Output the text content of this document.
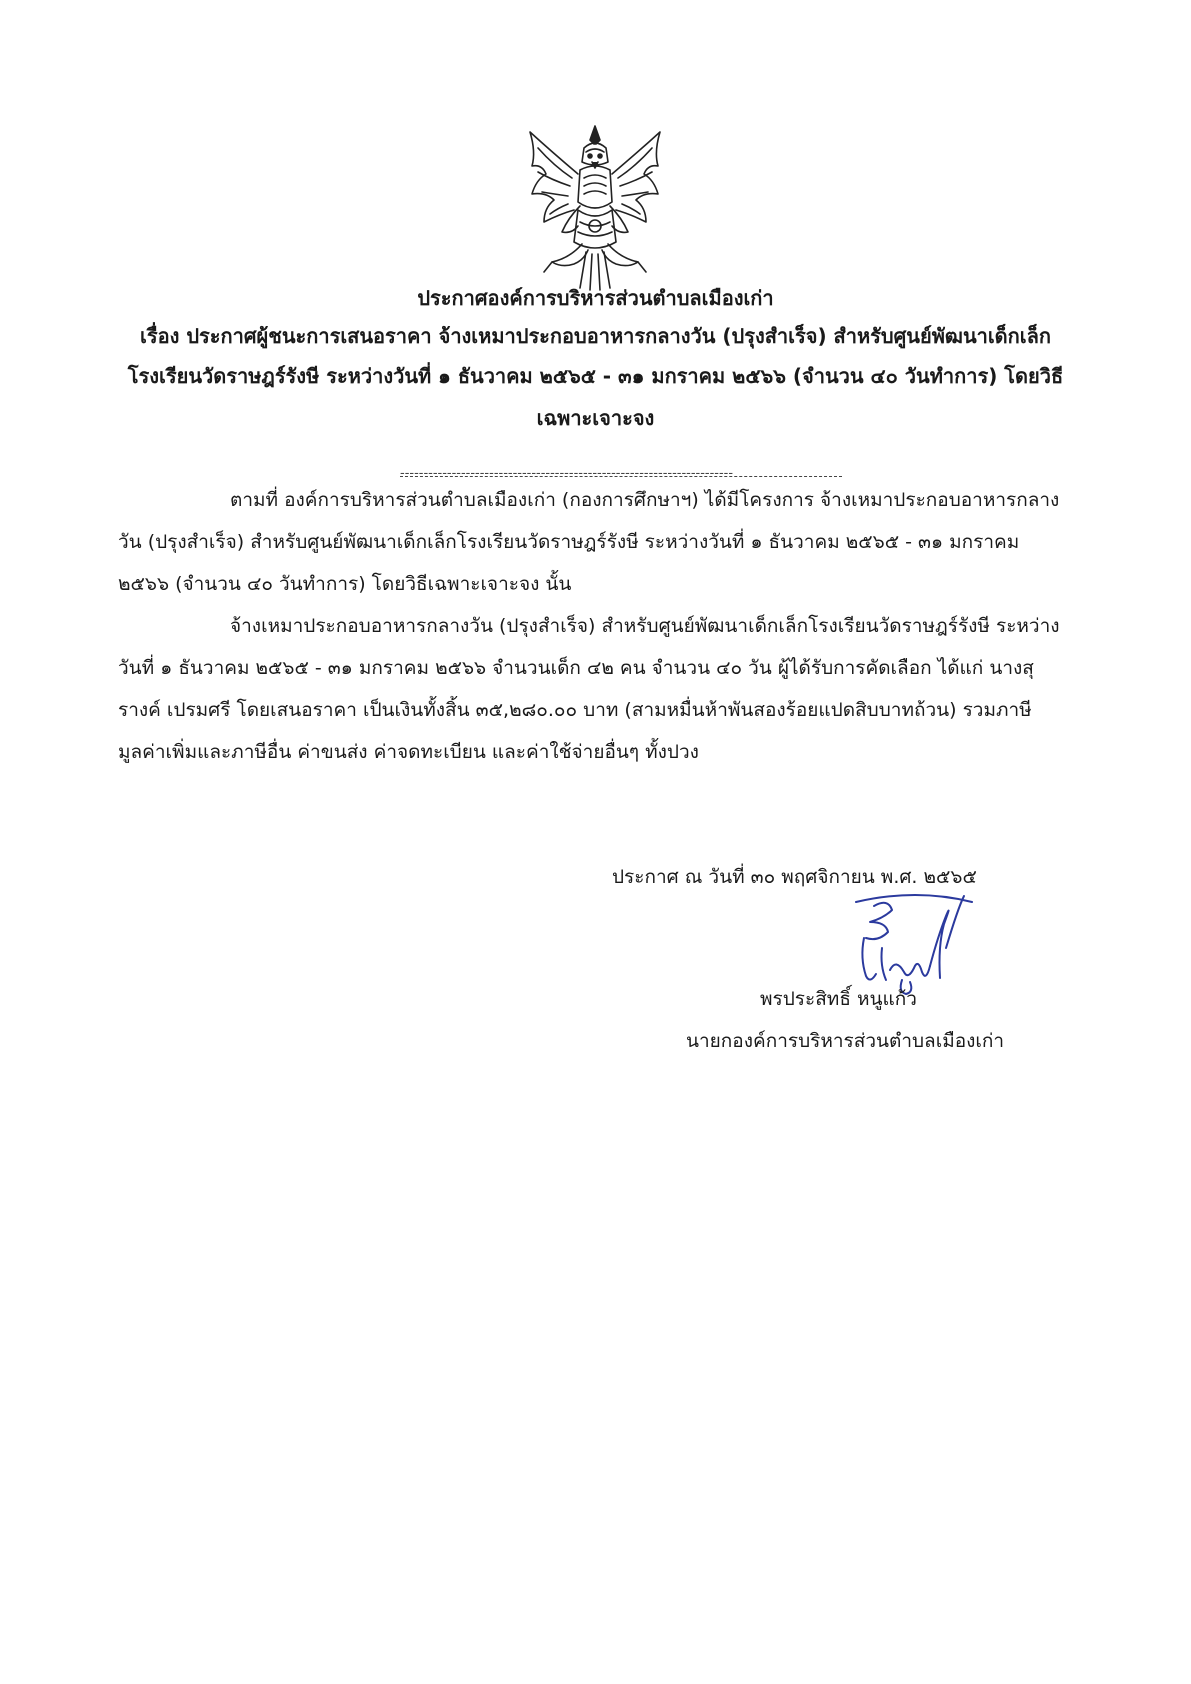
ประกาศองค์การบริหารส่วนตำบลเมืองเก่า
เรื่อง ประกาศผู้ชนะการเสนอราคา จ้างเหมาประกอบอาหารกลางวัน (ปรุงสำเร็จ) สำหรับศูนย์พัฒนาเด็กเล็ก
โรงเรียนวัดราษฎร์รังษี ระหว่างวันที่ ๑ ธันวาคม ๒๕๖๕ - ๓๑ มกราคม ๒๕๖๖ (จำนวน ๔๐ วันทำการ) โดยวิธี
เฉพาะเจาะจง
-----------------------------------------------------------------------
ตามที่ องค์การบริหารส่วนตำบลเมืองเก่า (กองการศึกษาฯ) ได้มีโครงการ จ้างเหมาประกอบอาหารกลาง
วัน (ปรุงสำเร็จ) สำหรับศูนย์พัฒนาเด็กเล็กโรงเรียนวัดราษฎร์รังษี ระหว่างวันที่ ๑ ธันวาคม ๒๕๖๕ - ๓๑ มกราคม
๒๕๖๖ (จำนวน ๔๐ วันทำการ) โดยวิธีเฉพาะเจาะจง นั้น
จ้างเหมาประกอบอาหารกลางวัน (ปรุงสำเร็จ) สำหรับศูนย์พัฒนาเด็กเล็กโรงเรียนวัดราษฎร์รังษี ระหว่าง
วันที่ ๑ ธันวาคม ๒๕๖๕ - ๓๑ มกราคม ๒๕๖๖ จำนวนเด็ก ๔๒ คน จำนวน ๔๐ วัน ผู้ได้รับการคัดเลือก ได้แก่ นางสุ
รางค์ เปรมศรี โดยเสนอราคา เป็นเงินทั้งสิ้น ๓๕,๒๘๐.๐๐ บาท (สามหมื่นห้าพันสองร้อยแปดสิบบาทถ้วน) รวมภาษี
มูลค่าเพิ่มและภาษีอื่น ค่าขนส่ง ค่าจดทะเบียน และค่าใช้จ่ายอื่นๆ ทั้งปวง
ประกาศ ณ วันที่ ๓๐ พฤศจิกายน พ.ศ. ๒๕๖๕
พรประสิทธิ์ หนูแก้ว
นายกองค์การบริหารส่วนตำบลเมืองเก่า
